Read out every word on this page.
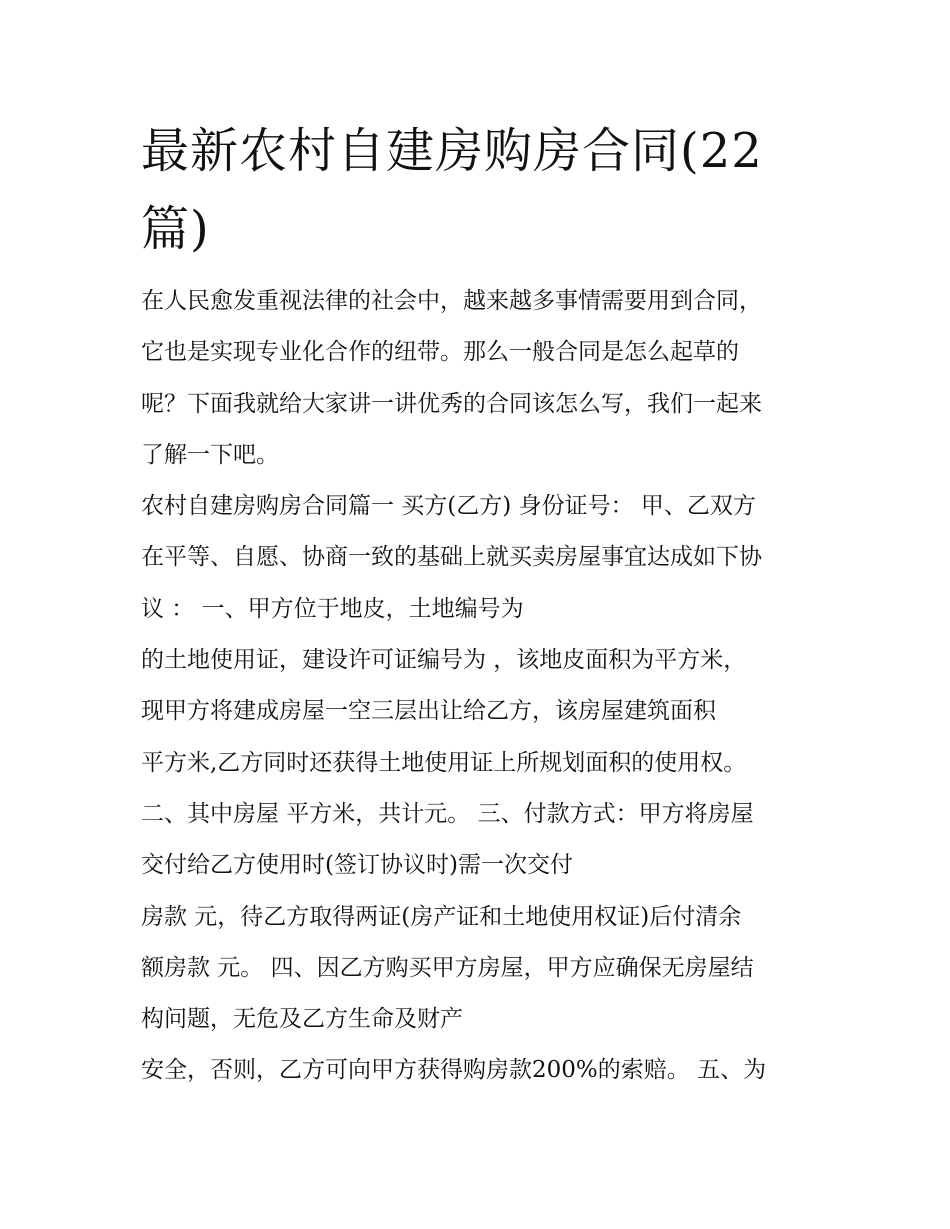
最新农村自建房购房合同(22
篇)
在人民愈发重视法律的社会中，越来越多事情需要用到合同，
它也是实现专业化合作的纽带。那么一般合同是怎么起草的
呢？下面我就给大家讲一讲优秀的合同该怎么写，我们一起来
了解一下吧。
农村自建房购房合同篇一 买方(乙方) 身份证号： 甲、乙双方
在平等、自愿、协商一致的基础上就买卖房屋事宜达成如下协
议 ： 一、甲方位于地皮，土地编号为
的土地使用证，建设许可证编号为 ，该地皮面积为平方米，
现甲方将建成房屋一空三层出让给乙方，该房屋建筑面积
平方米,乙方同时还获得土地使用证上所规划面积的使用权。
二、其中房屋 平方米，共计元。 三、付款方式：甲方将房屋
交付给乙方使用时(签订协议时)需一次交付
房款 元，待乙方取得两证(房产证和土地使用权证)后付清余
额房款 元。 四、因乙方购买甲方房屋，甲方应确保无房屋结
构问题，无危及乙方生命及财产
安全，否则，乙方可向甲方获得购房款200%的索赔。 五、为
